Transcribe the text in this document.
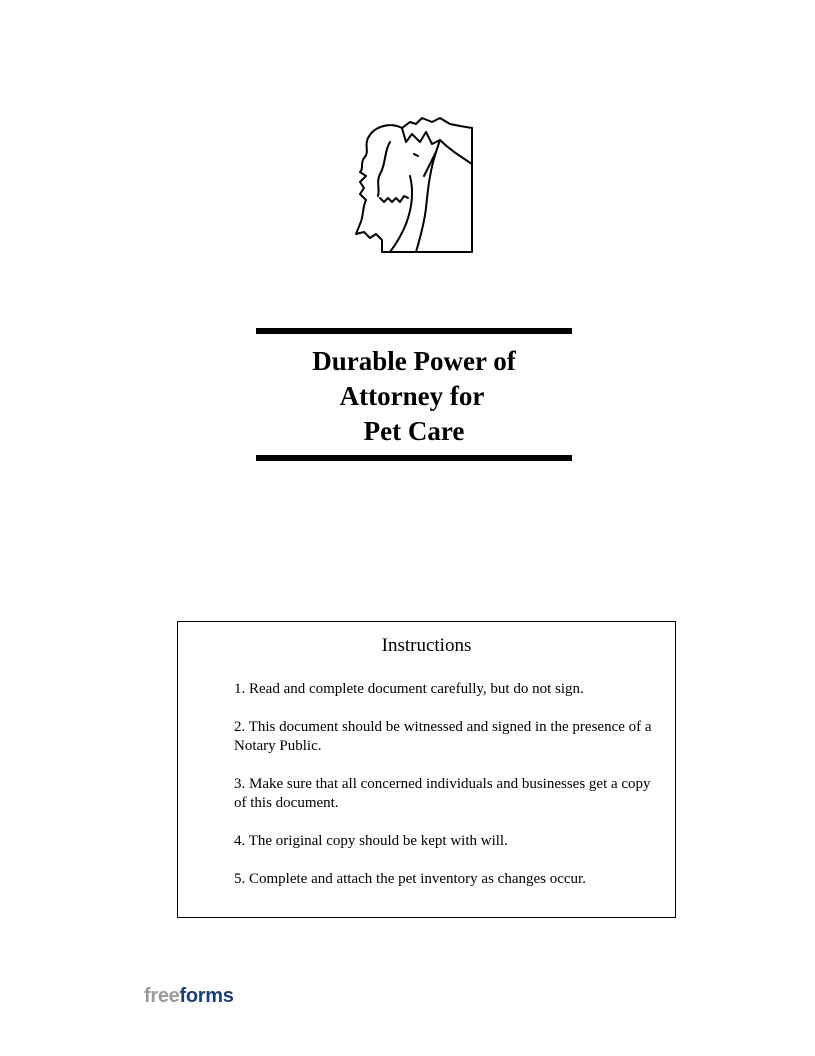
Durable Power of
Attorney for
Pet Care
Instructions
1. Read and complete document carefully, but do not sign.
2. This document should be witnessed and signed in the presence of a Notary Public.
3. Make sure that all concerned individuals and businesses get a copy of this document.
4. The original copy should be kept with will.
5. Complete and attach the pet inventory as changes occur.
freeforms
